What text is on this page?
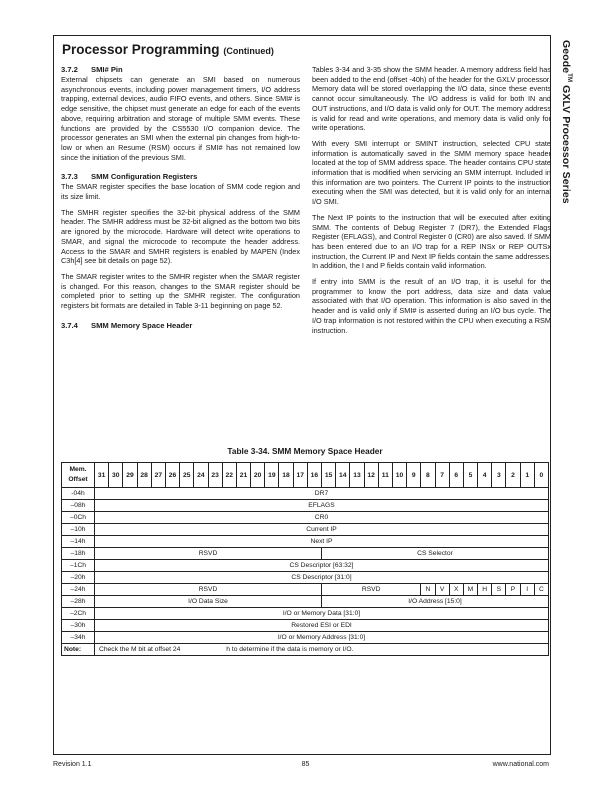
Processor Programming (Continued)	Geode™ GXLV Processor Series
3.7.2 SMI# Pin

External chipsets can generate an SMI based on numerous asynchronous events, including power management timers, I/O address trapping, external devices, audio FIFO events, and others. Since SMI# is edge sensitive, the chipset must generate an edge for each of the events above, requiring arbitration and storage of multiple SMM events. These functions are provided by the CS5530 I/O companion device. The processor generates an SMI when the external pin changes from high-to-low or when an Resume (RSM) occurs if SMI# has not remained low since the initiation of the previous SMI.

3.7.3 SMM Configuration Registers

The SMAR register specifies the base location of SMM code region and its size limit.

The SMHR register specifies the 32-bit physical address of the SMM header. The SMHR address must be 32-bit aligned as the bottom two bits are ignored by the microcode. Hardware will detect write operations to SMAR, and signal the microcode to recompute the header address. Access to the SMAR and SMHR registers is enabled by MAPEN (Index C3h[4] see bit details on page 52).

The SMAR register writes to the SMHR register when the SMAR register is changed. For this reason, changes to the SMAR register should be completed prior to setting up the SMHR register. The configuration registers bit formats are detailed in Table 3-11 beginning on page 52.

3.7.4 SMM Memory Space Header

Tables 3-34 and 3-35 show the SMM header. A memory address field has been added to the end (offset -40h) of the header for the GXLV processor. Memory data will be stored overlapping the I/O data, since these events cannot occur simultaneously. The I/O address is valid for both IN and OUT instructions, and I/O data is valid only for OUT. The memory address is valid for read and write operations, and memory data is valid only for write operations.

With every SMI interrupt or SMINT instruction, selected CPU state information is automatically saved in the SMM memory space header located at the top of SMM address space. The header contains CPU state information that is modified when servicing an SMM interrupt. Included in this information are two pointers. The Current IP points to the instruction executing when the SMI was detected, but it is valid only for an internal I/O SMI.

The Next IP points to the instruction that will be executed after exiting SMM. The contents of Debug Register 7 (DR7), the Extended Flags Register (EFLAGS), and Control Register 0 (CR0) are also saved. If SMM has been entered due to an I/O trap for a REP INSx or REP OUTSx instruction, the Current IP and Next IP fields contain the same addresses. In addition, the I and P fields contain valid information.

If entry into SMM is the result of an I/O trap, it is useful for the programmer to know the port address, data size and data value associated with that I/O operation. This information is also saved in the header and is valid only if SMI# is asserted during an I/O bus cycle. The I/O trap information is not restored within the CPU when executing a RSM instruction.

Table 3-34. SMM Memory Space Header
Mem.
Offset	31	30	29	28	27	26	25	24	23	22	21	20	19	18	17	16	15	14	13	12	11	10	9	8	7	6	5	4	3	2	1	0
-04h	DR7																															
–08h	EFLAGS																															
–0Ch	CR0																															
–10h	Current IP																															
–14h	Next IP																															
–18h	RSVD																CS Selector															
–1Ch	CS Descriptor [63:32]																															
–20h	CS Descriptor [31:0]																															
–24h	RSVD																RSVD							N	V	X	M	H	S	P	I	C
–28h	I/O Data Size																I/O Address [15:0]															
–2Ch	I/O or Memory Data [31:0]																															
–30h	Restored ESI or EDI																															
–34h	I/O or Memory Address [31:0]																															
Note:	Check the M bit at offset 24 h to determine if the data is memory or I/O.																															
Revision 1.1	85	www.national.com
